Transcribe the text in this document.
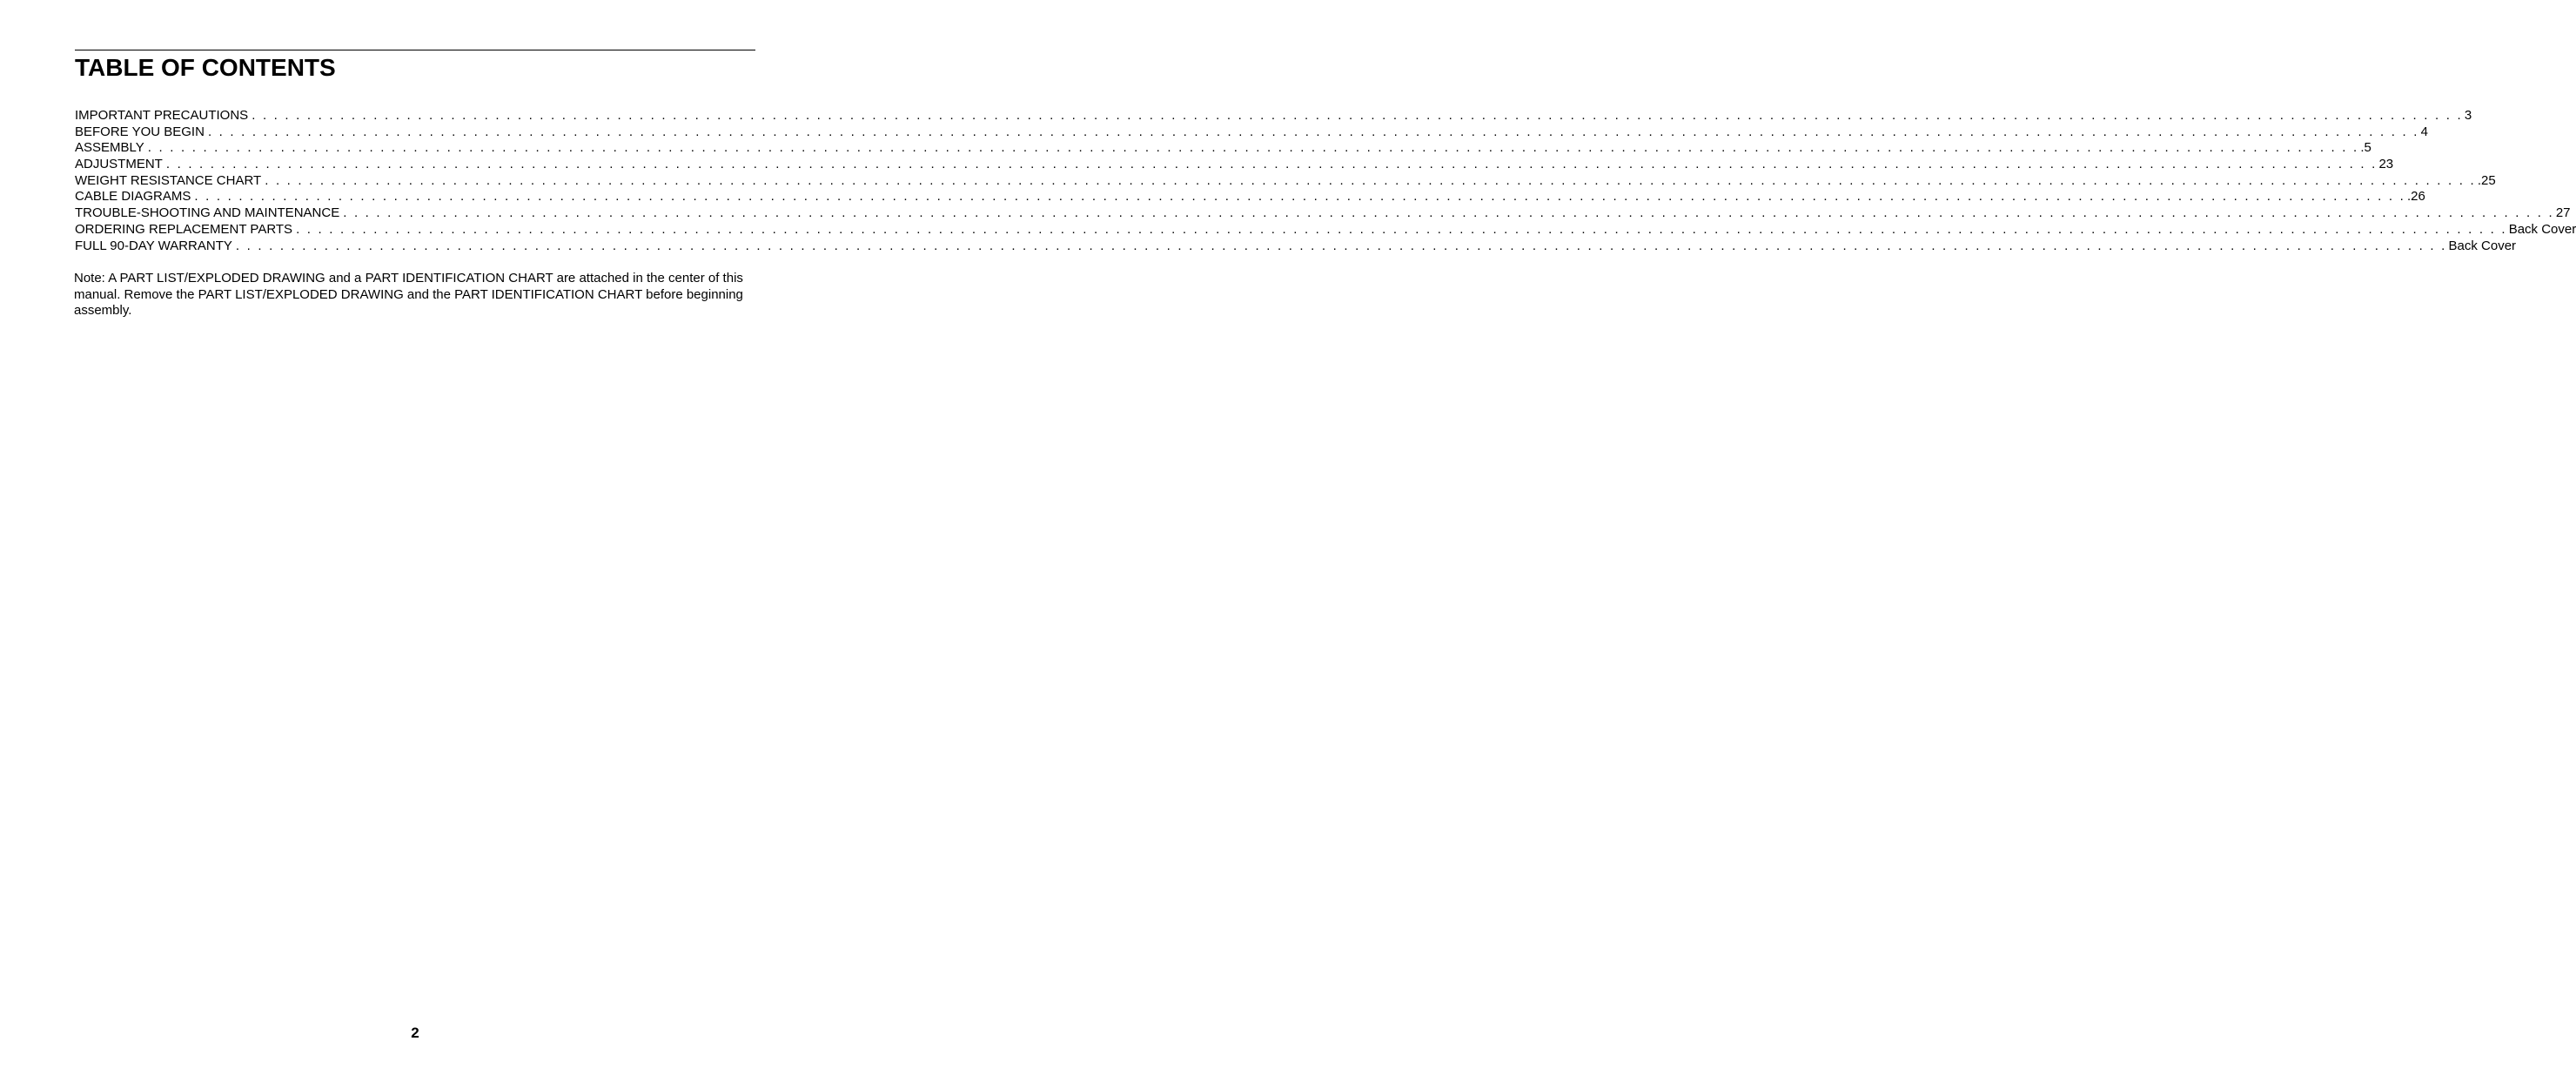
TABLE OF CONTENTS
IMPORTANT PRECAUTIONS . . . . . . . . . . . . . . . . . . . . . . . . . . . . . . . . . . . . . . . . . . . . . . . . . . . . . . . . . . . . . . . . . . . . . . . . . . . . . . . . . . . . . . . . . . . . . . . . . . . . . . . . . . . . . . . . . . . . . . . . . . . . . . . . . . . . . . . . . . . . . . . . . . . . . . . . . . . . . . . . . . . . . . . . . . . . . . . . . . . . . . . . . . . . . . . . . . . . . . . . 3
BEFORE YOU BEGIN . . . . . . . . . . . . . . . . . . . . . . . . . . . . . . . . . . . . . . . . . . . . . . . . . . . . . . . . . . . . . . . . . . . . . . . . . . . . . . . . . . . . . . . . . . . . . . . . . . . . . . . . . . . . . . . . . . . . . . . . . . . . . . . . . . . . . . . . . . . . . . . . . . . . . . . . . . . . . . . . . . . . . . . . . . . . . . . . . . . . . . . . . . . . . . . . . . . . . . . . 4
ASSEMBLY . . . . . . . . . . . . . . . . . . . . . . . . . . . . . . . . . . . . . . . . . . . . . . . . . . . . . . . . . . . . . . . . . . . . . . . . . . . . . . . . . . . . . . . . . . . . . . . . . . . . . . . . . . . . . . . . . . . . . . . . . . . . . . . . . . . . . . . . . . . . . . . . . . . . . . . . . . . . . . . . . . . . . . . . . . . . . . . . . . . . . . . . . . . . . . . . . . . . . . . . .5
ADJUSTMENT . . . . . . . . . . . . . . . . . . . . . . . . . . . . . . . . . . . . . . . . . . . . . . . . . . . . . . . . . . . . . . . . . . . . . . . . . . . . . . . . . . . . . . . . . . . . . . . . . . . . . . . . . . . . . . . . . . . . . . . . . . . . . . . . . . . . . . . . . . . . . . . . . . . . . . . . . . . . . . . . . . . . . . . . . . . . . . . . . . . . . . . . . . . . . . . . . . . . . . . . 23
WEIGHT RESISTANCE CHART . . . . . . . . . . . . . . . . . . . . . . . . . . . . . . . . . . . . . . . . . . . . . . . . . . . . . . . . . . . . . . . . . . . . . . . . . . . . . . . . . . . . . . . . . . . . . . . . . . . . . . . . . . . . . . . . . . . . . . . . . . . . . . . . . . . . . . . . . . . . . . . . . . . . . . . . . . . . . . . . . . . . . . . . . . . . . . . . . . . . . . . . . . . . . . . . . . . . . . . . .25
CABLE DIAGRAMS . . . . . . . . . . . . . . . . . . . . . . . . . . . . . . . . . . . . . . . . . . . . . . . . . . . . . . . . . . . . . . . . . . . . . . . . . . . . . . . . . . . . . . . . . . . . . . . . . . . . . . . . . . . . . . . . . . . . . . . . . . . . . . . . . . . . . . . . . . . . . . . . . . . . . . . . . . . . . . . . . . . . . . . . . . . . . . . . . . . . . . . . . . . . . . . . . . . . . . . . .26
TROUBLE-SHOOTING AND MAINTENANCE . . . . . . . . . . . . . . . . . . . . . . . . . . . . . . . . . . . . . . . . . . . . . . . . . . . . . . . . . . . . . . . . . . . . . . . . . . . . . . . . . . . . . . . . . . . . . . . . . . . . . . . . . . . . . . . . . . . . . . . . . . . . . . . . . . . . . . . . . . . . . . . . . . . . . . . . . . . . . . . . . . . . . . . . . . . . . . . . . . . . . . . . . . . . . . . . . . . . . . . . 27
ORDERING REPLACEMENT PARTS . . . . . . . . . . . . . . . . . . . . . . . . . . . . . . . . . . . . . . . . . . . . . . . . . . . . . . . . . . . . . . . . . . . . . . . . . . . . . . . . . . . . . . . . . . . . . . . . . . . . . . . . . . . . . . . . . . . . . . . . . . . . . . . . . . . . . . . . . . . . . . . . . . . . . . . . . . . . . . . . . . . . . . . . . . . . . . . . . . . . . . . . . . . . . . . . . . . . . . . . Back Cover
FULL 90-DAY WARRANTY . . . . . . . . . . . . . . . . . . . . . . . . . . . . . . . . . . . . . . . . . . . . . . . . . . . . . . . . . . . . . . . . . . . . . . . . . . . . . . . . . . . . . . . . . . . . . . . . . . . . . . . . . . . . . . . . . . . . . . . . . . . . . . . . . . . . . . . . . . . . . . . . . . . . . . . . . . . . . . . . . . . . . . . . . . . . . . . . . . . . . . . . . . . . . . . . . . . . . . . . Back Cover

Note: A PART LIST/EXPLODED DRAWING and a PART IDENTIFICATION CHART are attached in the center of this manual. Remove the PART LIST/EXPLODED DRAWING and the PART IDENTIFICATION CHART before beginning assembly.

2
